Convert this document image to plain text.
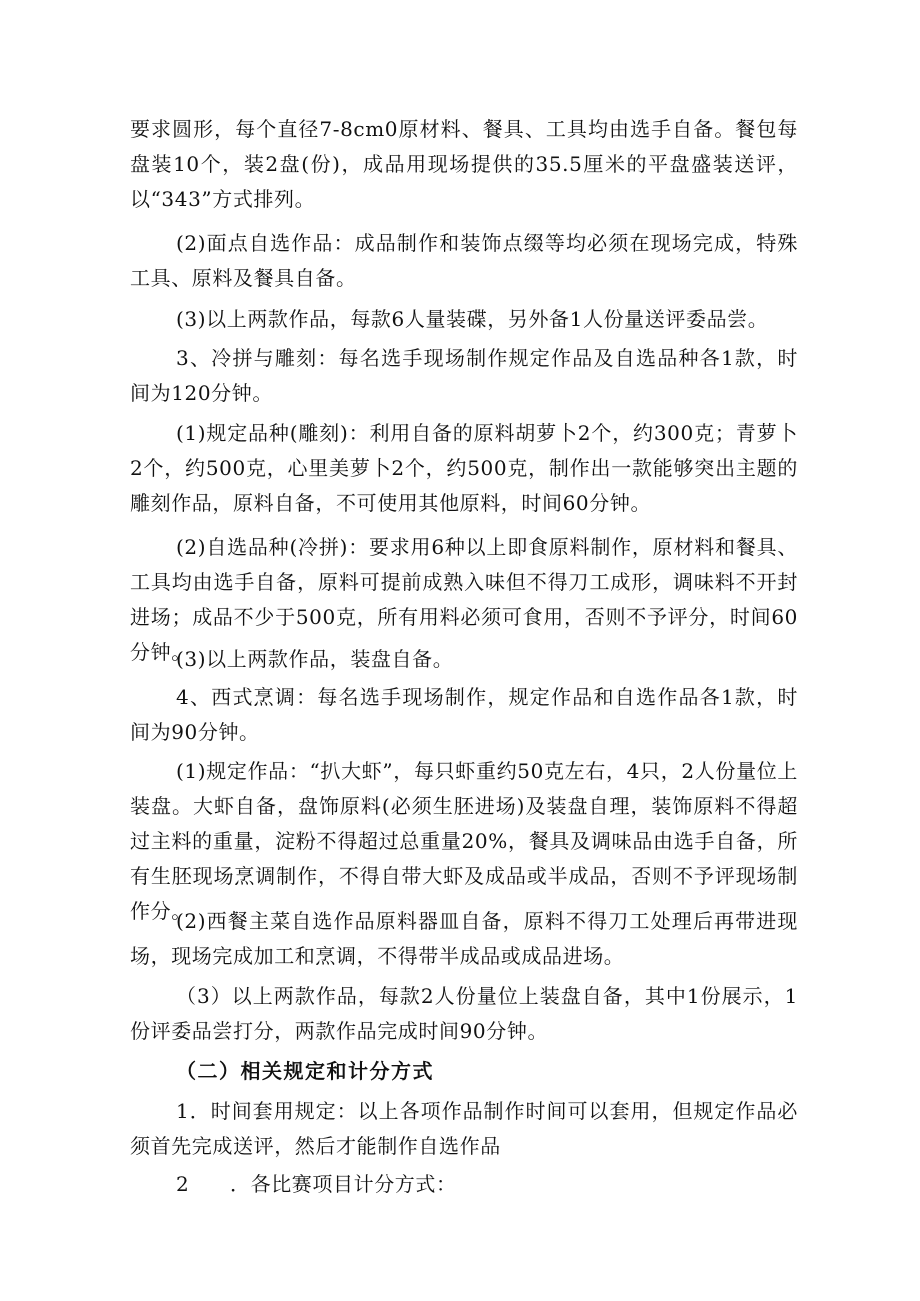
要求圆形，每个直径7-8cm0原材料、餐具、工具均由选手自备。餐包每盘装10个，装2盘(份)，成品用现场提供的35.5厘米的平盘盛装送评，以“343”方式排列。
(2)面点自选作品：成品制作和装饰点缀等均必须在现场完成，特殊工具、原料及餐具自备。
(3)以上两款作品，每款6人量装碟，另外备1人份量送评委品尝。
3、冷拼与雕刻：每名选手现场制作规定作品及自选品种各1款，时间为120分钟。
(1)规定品种(雕刻)：利用自备的原料胡萝卜2个，约300克；青萝卜2个，约500克，心里美萝卜2个，约500克，制作出一款能够突出主题的雕刻作品，原料自备，不可使用其他原料，时间60分钟。
(2)自选品种(冷拼)：要求用6种以上即食原料制作，原材料和餐具、工具均由选手自备，原料可提前成熟入味但不得刀工成形，调味料不开封进场；成品不少于500克，所有用料必须可食用，否则不予评分，时间60分钟。
(3)以上两款作品，装盘自备。
4、西式烹调：每名选手现场制作，规定作品和自选作品各1款，时间为90分钟。
(1)规定作品：“扒大虾”，每只虾重约50克左右，4只，2人份量位上装盘。大虾自备，盘饰原料(必须生胚进场)及装盘自理，装饰原料不得超过主料的重量，淀粉不得超过总重量20%，餐具及调味品由选手自备，所有生胚现场烹调制作，不得自带大虾及成品或半成品，否则不予评现场制作分。
(2)西餐主菜自选作品原料器皿自备，原料不得刀工处理后再带进现场，现场完成加工和烹调，不得带半成品或成品进场。
（3）以上两款作品，每款2人份量位上装盘自备，其中1份展示，1份评委品尝打分，两款作品完成时间90分钟。
（二）相关规定和计分方式
1．时间套用规定：以上各项作品制作时间可以套用，但规定作品必须首先完成送评，然后才能制作自选作品
2 ．各比赛项目计分方式：
